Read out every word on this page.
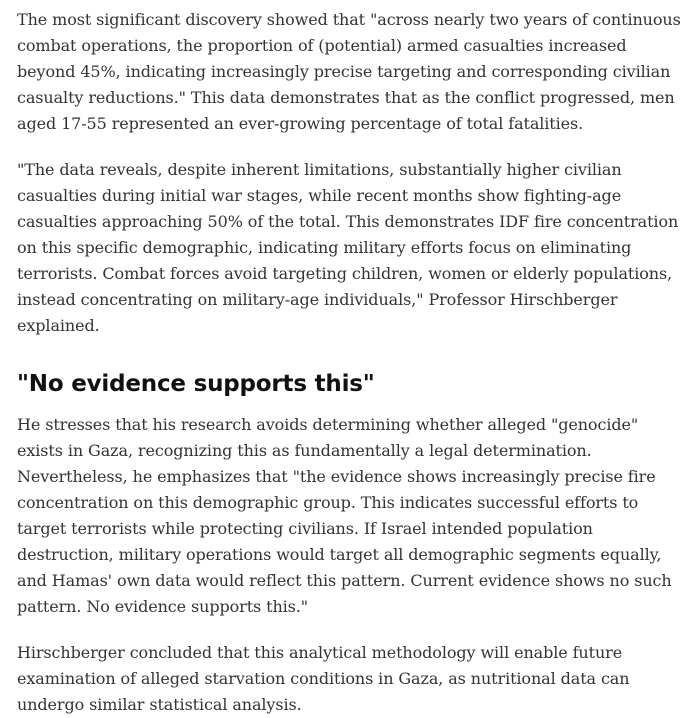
The most significant discovery showed that "across nearly two years of continuous combat operations, the proportion of (potential) armed casualties increased beyond 45%, indicating increasingly precise targeting and corresponding civilian casualty reductions." This data demonstrates that as the conflict progressed, men aged 17-55 represented an ever-growing percentage of total fatalities.

"The data reveals, despite inherent limitations, substantially higher civilian casualties during initial war stages, while recent months show fighting-age casualties approaching 50% of the total. This demonstrates IDF fire concentration on this specific demographic, indicating military efforts focus on eliminating terrorists. Combat forces avoid targeting children, women or elderly populations, instead concentrating on military-age individuals," Professor Hirschberger explained.

"No evidence supports this"

He stresses that his research avoids determining whether alleged "genocide" exists in Gaza, recognizing this as fundamentally a legal determination. Nevertheless, he emphasizes that "the evidence shows increasingly precise fire concentration on this demographic group. This indicates successful efforts to target terrorists while protecting civilians. If Israel intended population destruction, military operations would target all demographic segments equally, and Hamas' own data would reflect this pattern. Current evidence shows no such pattern. No evidence supports this."

Hirschberger concluded that this analytical methodology will enable future examination of alleged starvation conditions in Gaza, as nutritional data can undergo similar statistical analysis.
